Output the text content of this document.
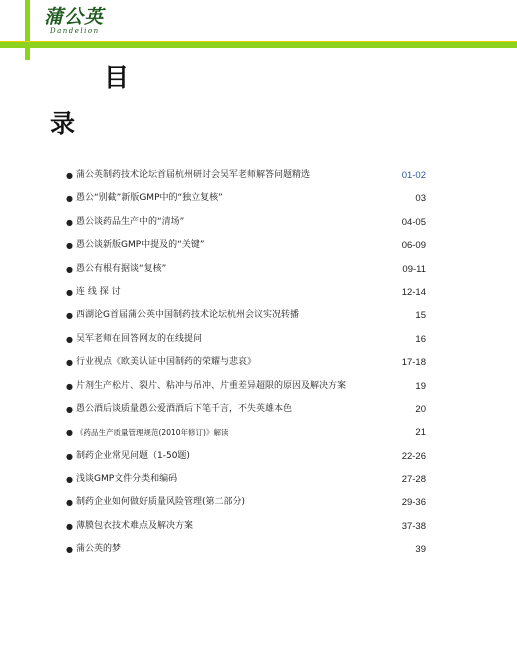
蒲公英
Dandelion
目
录
● 蒲公英制药技术论坛首届杭州研讨会吴军老师解答问题精选	01-02
● 愚公“别截”新版GMP中的“独立复核”	03
● 愚公谈药品生产中的“清场”	04-05
● 愚公谈新版GMP中提及的“关键”	06-09
● 愚公有根有据谈“复核”	09-11
● 连 线 探 讨	12-14
● 西湖论G首届蒲公英中国制药技术论坛杭州会议实况转播	15
● 吴军老师在回答网友的在线提问	16
● 行业视点《欧美认证中国制药的荣耀与悲哀》	17-18
● 片剂生产松片、裂片、粘冲与吊冲、片重差异超限的原因及解决方案	19
● 愚公酒后谈质量愚公爱酒酒后下笔千言，不失英雄本色	20
● 《药品生产质量管理规范(2010年修订)》解读	21
● 制药企业常见问题（1-50题)	22-26
● 浅谈GMP文件分类和编码	27-28
● 制药企业如何做好质量风险管理(第二部分)	29-36
● 薄膜包衣技术难点及解决方案	37-38
● 蒲公英的梦	39
